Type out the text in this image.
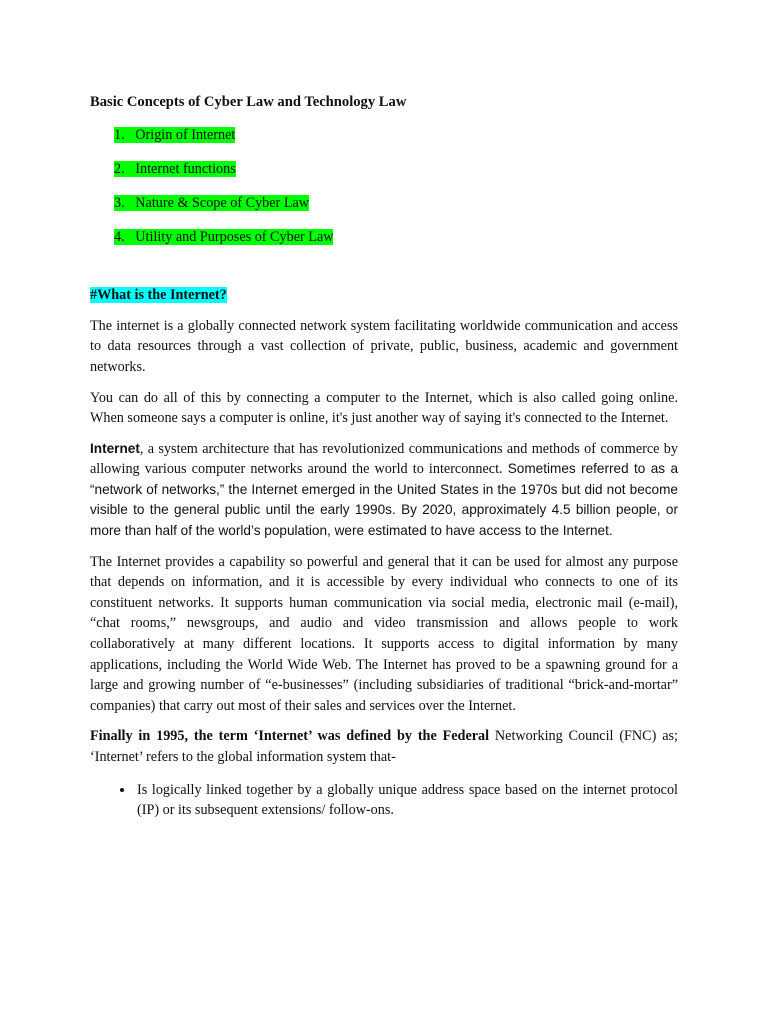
Basic Concepts of Cyber Law and Technology Law
1. Origin of Internet
2. Internet functions
3. Nature & Scope of Cyber Law
4. Utility and Purposes of Cyber Law
#What is the Internet?

The internet is a globally connected network system facilitating worldwide communication and access to data resources through a vast collection of private, public, business, academic and government networks.

You can do all of this by connecting a computer to the Internet, which is also called going online. When someone says a computer is online, it's just another way of saying it's connected to the Internet.

Internet, a system architecture that has revolutionized communications and methods of commerce by allowing various computer networks around the world to interconnect. Sometimes referred to as a “network of networks,” the Internet emerged in the United States in the 1970s but did not become visible to the general public until the early 1990s. By 2020, approximately 4.5 billion people, or more than half of the world’s population, were estimated to have access to the Internet.

The Internet provides a capability so powerful and general that it can be used for almost any purpose that depends on information, and it is accessible by every individual who connects to one of its constituent networks. It supports human communication via social media, electronic mail (e-mail), “chat rooms,” newsgroups, and audio and video transmission and allows people to work collaboratively at many different locations. It supports access to digital information by many applications, including the World Wide Web. The Internet has proved to be a spawning ground for a large and growing number of “e-businesses” (including subsidiaries of traditional “brick-and-mortar” companies) that carry out most of their sales and services over the Internet.

Finally in 1995, the term ‘Internet’ was defined by the Federal Networking Council (FNC) as; ‘Internet’ refers to the global information system that-

• Is logically linked together by a globally unique address space based on the internet protocol (IP) or its subsequent extensions/ follow-ons.
